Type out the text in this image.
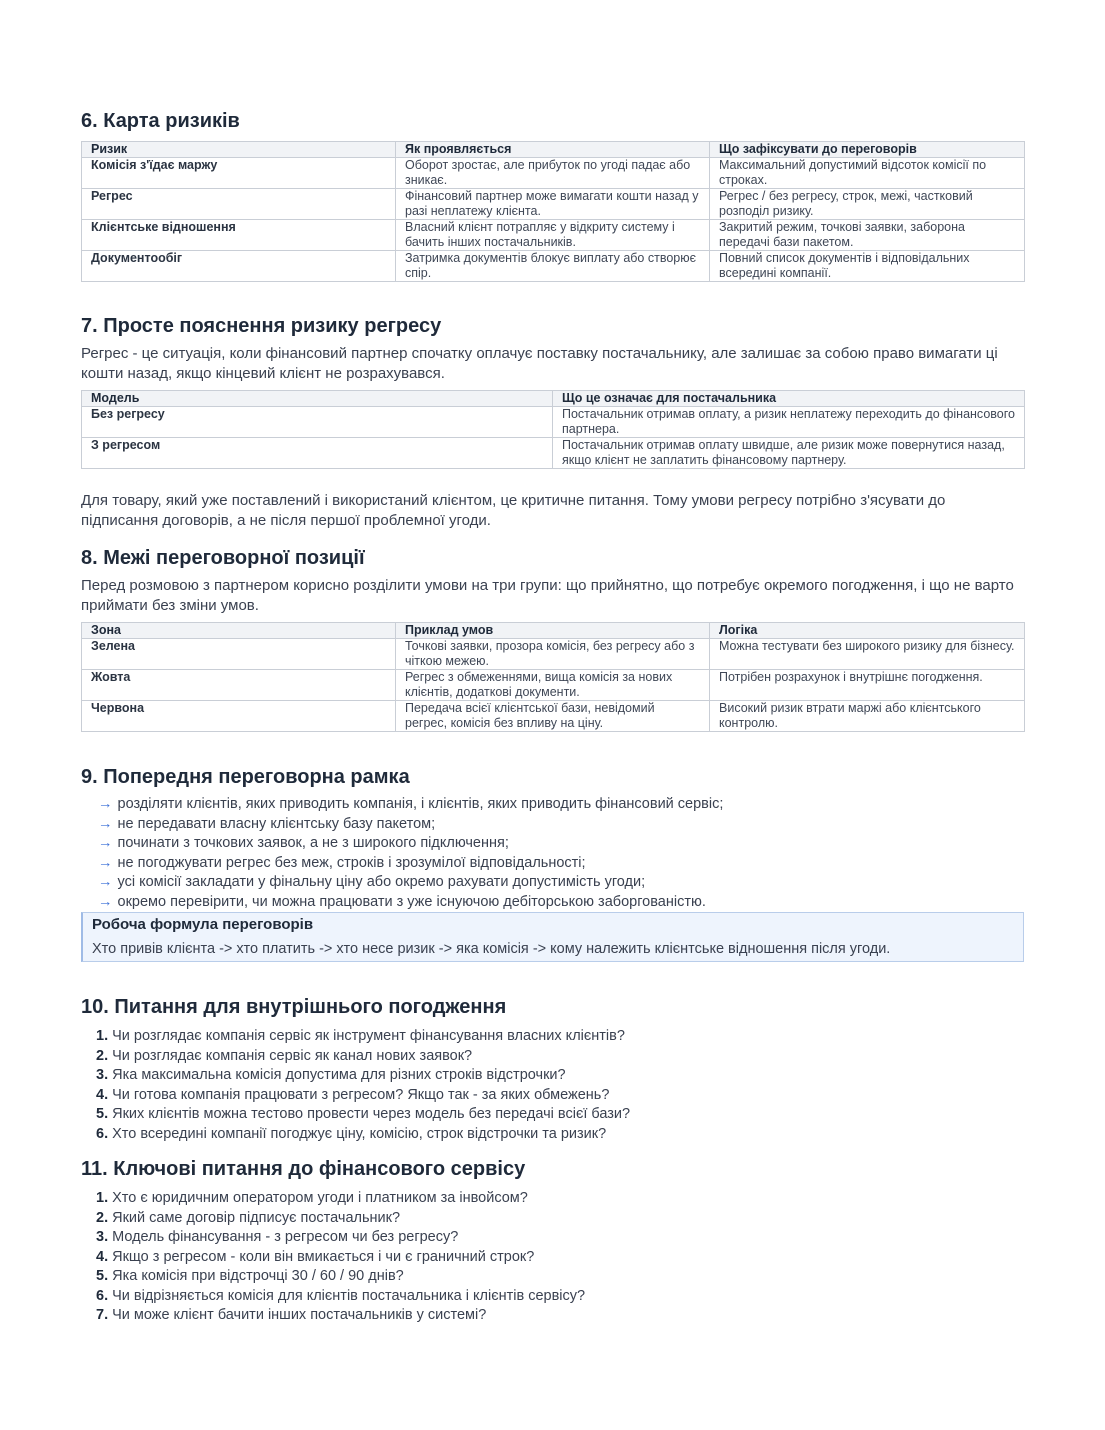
6. Карта ризиків
Ризик	Як проявляється	Що зафіксувати до переговорів
Комісія з'їдає маржу	Оборот зростає, але прибуток по угоді падає або зникає.	Максимальний допустимий відсоток комісії по строках.
Регрес	Фінансовий партнер може вимагати кошти назад у разі неплатежу клієнта.	Регрес / без регресу, строк, межі, частковий розподіл ризику.
Клієнтське відношення	Власний клієнт потрапляє у відкриту систему і бачить інших постачальників.	Закритий режим, точкові заявки, заборона передачі бази пакетом.
Документообіг	Затримка документів блокує виплату або створює спір.	Повний список документів і відповідальних всередині компанії.
7. Просте пояснення ризику регресу

Регрес - це ситуація, коли фінансовий партнер спочатку оплачує поставку постачальнику, але залишає за собою право вимагати ці кошти назад, якщо кінцевий клієнт не розрахувався.

Модель	Що це означає для постачальника
Без регресу	Постачальник отримав оплату, а ризик неплатежу переходить до фінансового партнера.
З регресом	Постачальник отримав оплату швидше, але ризик може повернутися назад, якщо клієнт не заплатить фінансовому партнеру.

Для товару, який уже поставлений і використаний клієнтом, це критичне питання. Тому умови регресу потрібно з'ясувати до підписання договорів, а не після першої проблемної угоди.

8. Межі переговорної позиції

Перед розмовою з партнером корисно розділити умови на три групи: що прийнятно, що потребує окремого погодження, і що не варто приймати без зміни умов.

Зона	Приклад умов	Логіка
Зелена	Точкові заявки, прозора комісія, без регресу або з чіткою межею.	Можна тестувати без широкого ризику для бізнесу.
Жовта	Регрес з обмеженнями, вища комісія за нових клієнтів, додаткові документи.	Потрібен розрахунок і внутрішнє погодження.
Червона	Передача всієї клієнтської бази, невідомий регрес, комісія без впливу на ціну.	Високий ризик втрати маржі або клієнтського контролю.
9. Попередня переговорна рамка
→ розділяти клієнтів, яких приводить компанія, і клієнтів, яких приводить фінансовий сервіс;
→ не передавати власну клієнтську базу пакетом;
→ починати з точкових заявок, а не з широкого підключення;
→ не погоджувати регрес без меж, строків і зрозумілої відповідальності;
→ усі комісії закладати у фінальну ціну або окремо рахувати допустимість угоди;
→ окремо перевірити, чи можна працювати з уже існуючою дебіторською заборгованістю.
Робоча формула переговорів
Хто привів клієнта -> хто платить -> хто несе ризик -> яка комісія -> кому належить клієнтське відношення після угоди.
10. Питання для внутрішнього погодження
1. Чи розглядає компанія сервіс як інструмент фінансування власних клієнтів?
2. Чи розглядає компанія сервіс як канал нових заявок?
3. Яка максимальна комісія допустима для різних строків відстрочки?
4. Чи готова компанія працювати з регресом? Якщо так - за яких обмежень?
5. Яких клієнтів можна тестово провести через модель без передачі всієї бази?
6. Хто всередині компанії погоджує ціну, комісію, строк відстрочки та ризик?
11. Ключові питання до фінансового сервісу
1. Хто є юридичним оператором угоди і платником за інвойсом?
2. Який саме договір підписує постачальник?
3. Модель фінансування - з регресом чи без регресу?
4. Якщо з регресом - коли він вмикається і чи є граничний строк?
5. Яка комісія при відстрочці 30 / 60 / 90 днів?
6. Чи відрізняється комісія для клієнтів постачальника і клієнтів сервісу?
7. Чи може клієнт бачити інших постачальників у системі?
